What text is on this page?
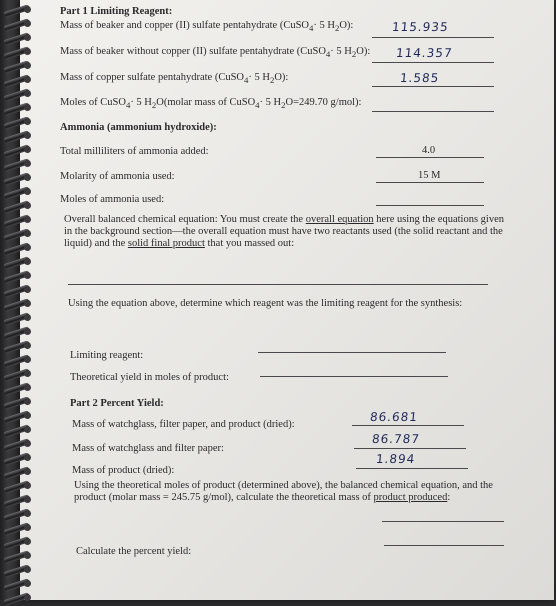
Part 1 Limiting Reagent:
Mass of beaker and copper (II) sulfate pentahydrate (CuSO$_4$· 5 $H_2O$):	115.935
Mass of beaker without copper (II) sulfate pentahydrate (CuSO$_4$· 5 $H_2O$): 114.357
Mass of copper sulfate pentahydrate (CuSO$_4$· 5 $H_2O$):	1.585
Moles of CuSO$_4$· 5 $H_2O(molar$ mass of CuSO$_4$· 5 $H_2O=249.70$ g/mol):
Ammonia (ammonium hydroxide):
Total milliliters of ammonia added:	4.0
Molarity of ammonia used:	15 M
Moles of ammonia used:
Overall balanced chemical equation: You must create the overall equation here using the equations given in the background section—the overall equation must have two reactants used (the solid reactant and the liquid) and the solid final product that you massed out:
Using the equation above, determine which reagent was the limiting reagent for the synthesis:
Limiting reagent:
Theoretical yield in moles of product:
Part 2 Percent Yield:
Mass of watchglass, filter paper, and product (dried):
86.681
Mass of watchglass and filter paper:
86.787
Mass of product (dried):
1.894
Using the theoretical moles of product (determined above), the balanced chemical equation, and the product (molar mass = 245.75 g/mol), calculate the theoretical mass of product produced:
Calculate the percent yield:
